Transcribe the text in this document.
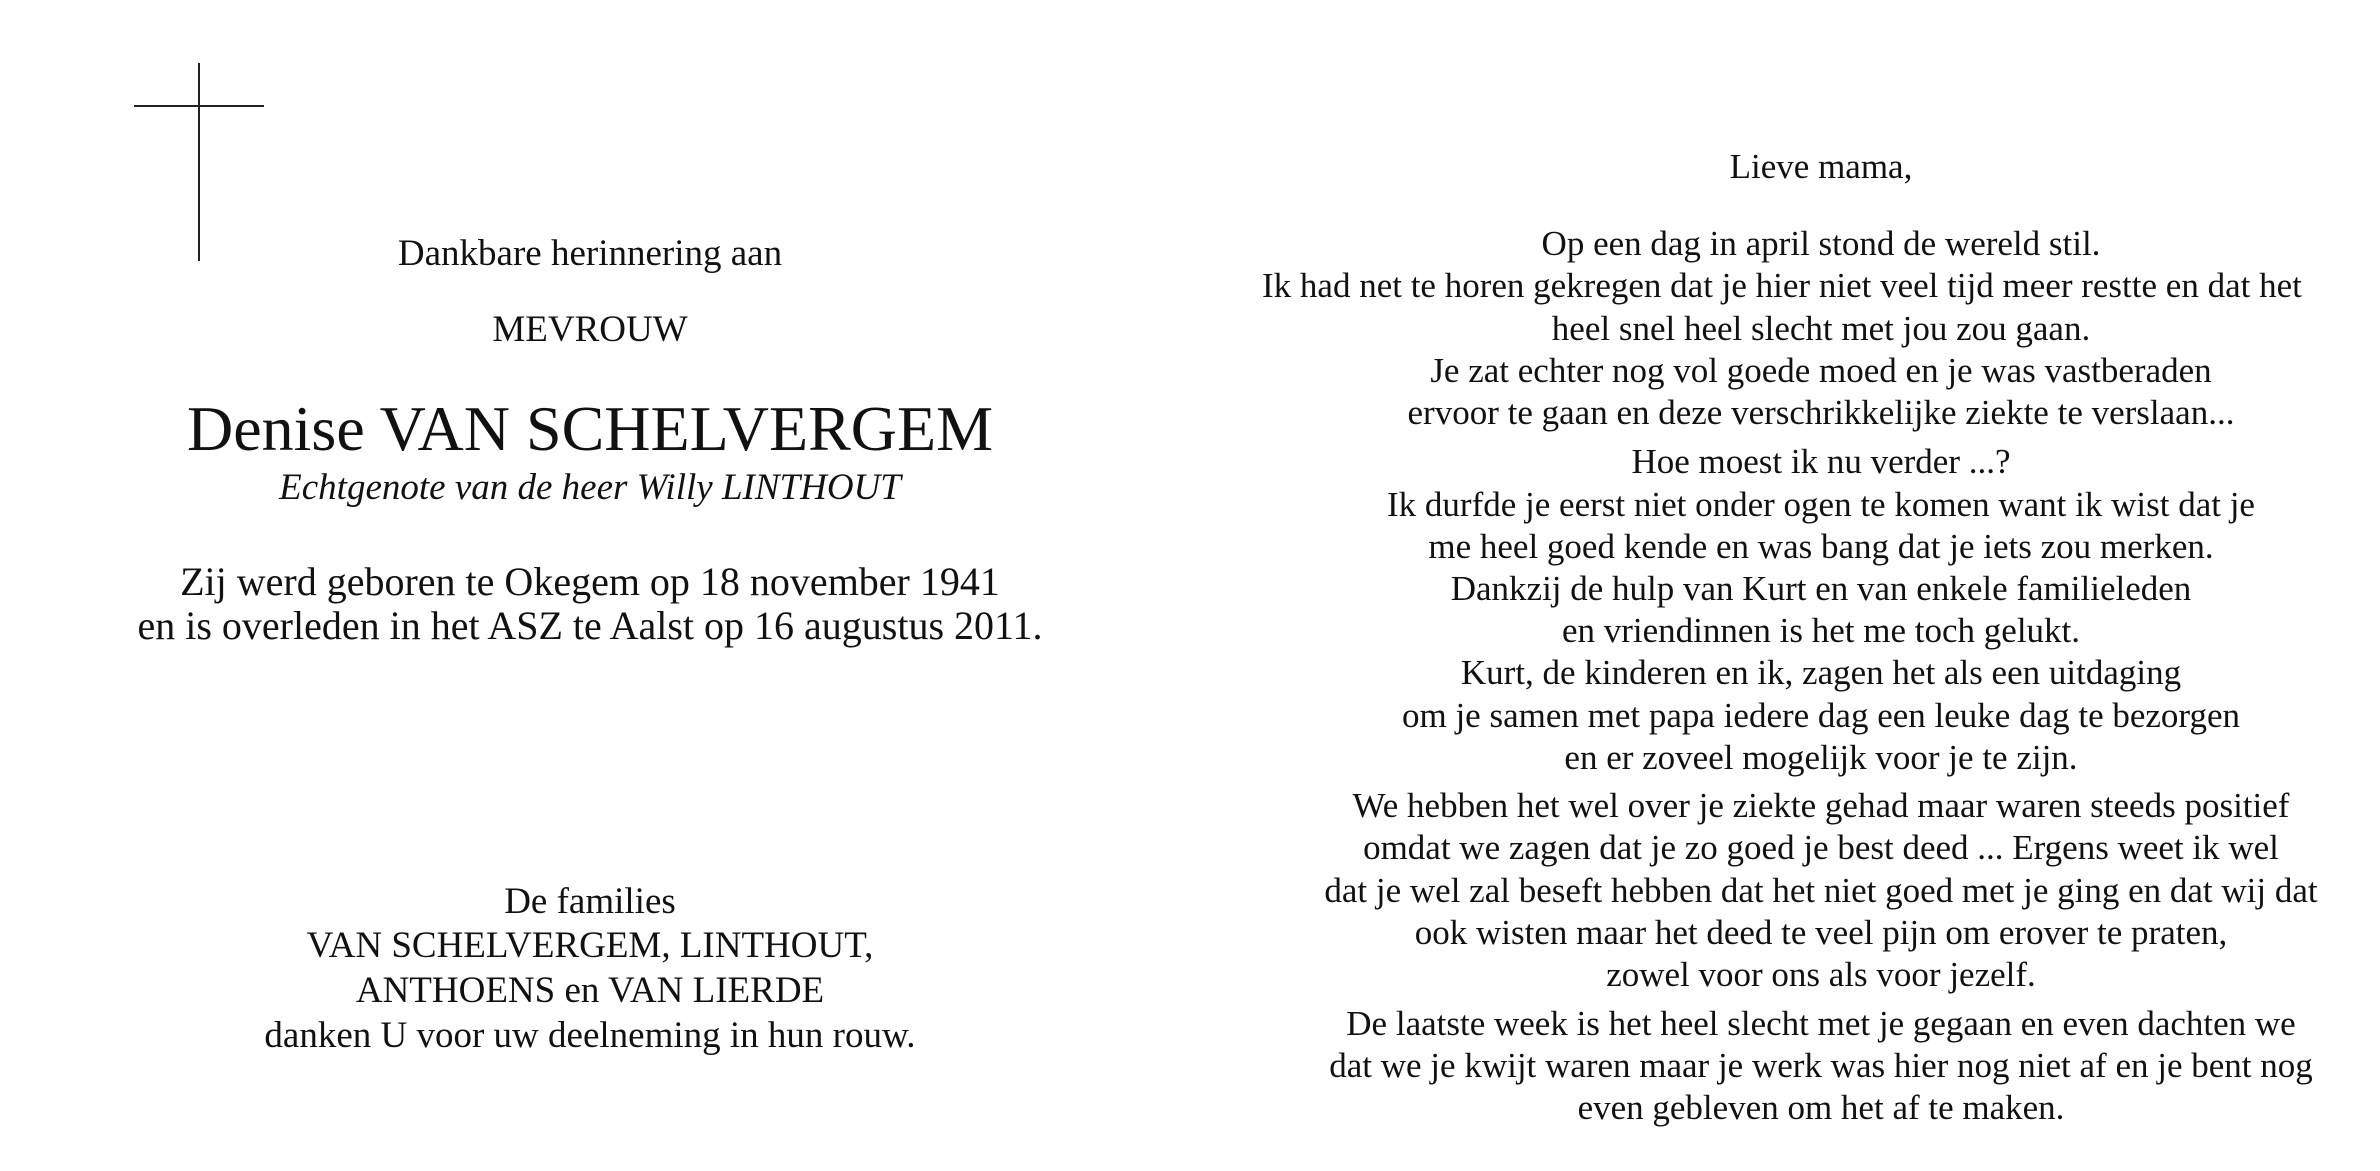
Dankbare herinnering aan
MEVROUW
Denise VAN SCHELVERGEM
Echtgenote van de heer Willy LINTHOUT
Zij werd geboren te Okegem op 18 november 1941
en is overleden in het ASZ te Aalst op 16 augustus 2011.
De families
VAN SCHELVERGEM, LINTHOUT,
ANTHOENS en VAN LIERDE
danken U voor uw deelneming in hun rouw.
Lieve mama,
Op een dag in april stond de wereld stil.
Ik had net te horen gekregen dat je hier niet veel tijd meer restte en dat het
heel snel heel slecht met jou zou gaan.
Je zat echter nog vol goede moed en je was vastberaden
ervoor te gaan en deze verschrikkelijke ziekte te verslaan...
Hoe moest ik nu verder ...?
Ik durfde je eerst niet onder ogen te komen want ik wist dat je
me heel goed kende en was bang dat je iets zou merken.
Dankzij de hulp van Kurt en van enkele familieleden
en vriendinnen is het me toch gelukt.
Kurt, de kinderen en ik, zagen het als een uitdaging
om je samen met papa iedere dag een leuke dag te bezorgen
en er zoveel mogelijk voor je te zijn.
We hebben het wel over je ziekte gehad maar waren steeds positief
omdat we zagen dat je zo goed je best deed ... Ergens weet ik wel
dat je wel zal beseft hebben dat het niet goed met je ging en dat wij dat
ook wisten maar het deed te veel pijn om erover te praten,
zowel voor ons als voor jezelf.
De laatste week is het heel slecht met je gegaan en even dachten we
dat we je kwijt waren maar je werk was hier nog niet af en je bent nog
even gebleven om het af te maken.
